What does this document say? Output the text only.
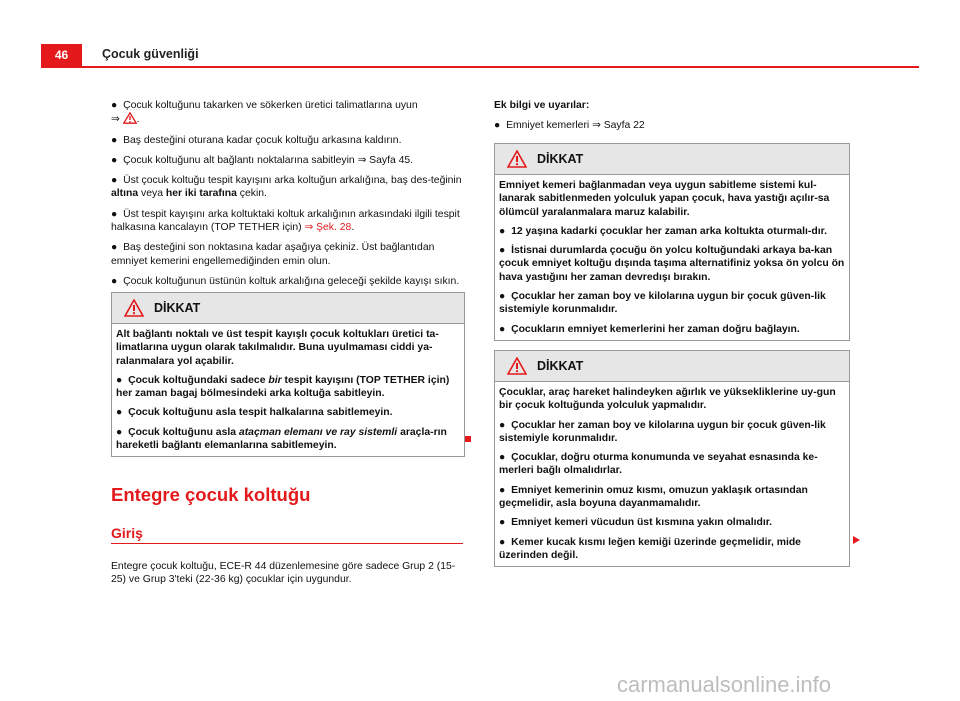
46	Çocuk güvenliği

● Çocuk koltuğunu takarken ve sökerken üretici talimatlarına uyun
⇒ .

● Baş desteğini oturana kadar çocuk koltuğu arkasına kaldırın.

● Çocuk koltuğunu alt bağlantı noktalarına sabitleyin ⇒ Sayfa 45.

● Üst çocuk koltuğu tespit kayışını arka koltuğun arkalığına, baş des-teğinin altına veya her iki tarafına çekin.

● Üst tespit kayışını arka koltuktaki koltuk arkalığının arkasındaki ilgili tespit halkasına kancalayın (TOP TETHER için) ⇒ Şek. 28.

● Baş desteğini son noktasına kadar aşağıya çekiniz. Üst bağlantıdan emniyet kemerini engellemediğinden emin olun.

● Çocuk koltuğunun üstünün koltuk arkalığına geleceği şekilde kayışı sıkın.

DİKKAT

Alt bağlantı noktalı ve üst tespit kayışlı çocuk koltukları üretici ta-limatlarına uygun olarak takılmalıdır. Buna uyulmaması ciddi ya-ralanmalara yol açabilir.

● Çocuk koltuğundaki sadece bir tespit kayışını (TOP TETHER için) her zaman bagaj bölmesindeki arka koltuğa sabitleyin.

● Çocuk koltuğunu asla tespit halkalarına sabitlemeyin.

● Çocuk koltuğunu asla ataçman elemanı ve ray sistemli araçla-rın hareketli bağlantı elemanlarına sabitlemeyin.

Entegre çocuk koltuğu
Giriş
Entegre çocuk koltuğu, ECE-R 44 düzenlemesine göre sadece Grup 2 (15-25) ve Grup 3'teki (22-36 kg) çocuklar için uygundur.

Ek bilgi ve uyarılar:

● Emniyet kemerleri ⇒ Sayfa 22

DİKKAT

Emniyet kemeri bağlanmadan veya uygun sabitleme sistemi kul-lanarak sabitlenmeden yolculuk yapan çocuk, hava yastığı açılır-sa ölümcül yaralanmalara maruz kalabilir.

● 12 yaşına kadarki çocuklar her zaman arka koltukta oturmalı-dır.

● İstisnai durumlarda çocuğu ön yolcu koltuğundaki arkaya ba-kan çocuk emniyet koltuğu dışında taşıma alternatifiniz yoksa ön yolcu ön hava yastığını her zaman devredışı bırakın.

● Çocuklar her zaman boy ve kilolarına uygun bir çocuk güven-lik sistemiyle korunmalıdır.

● Çocukların emniyet kemerlerini her zaman doğru bağlayın.

DİKKAT

Çocuklar, araç hareket halindeyken ağırlık ve yüksekliklerine uy-gun bir çocuk koltuğunda yolculuk yapmalıdır.

● Çocuklar her zaman boy ve kilolarına uygun bir çocuk güven-lik sistemiyle korunmalıdır.

● Çocuklar, doğru oturma konumunda ve seyahat esnasında ke-merleri bağlı olmalıdırlar.

● Emniyet kemerinin omuz kısmı, omuzun yaklaşık ortasından geçmelidir, asla boyuna dayanmamalıdır.

● Emniyet kemeri vücudun üst kısmına yakın olmalıdır.

● Kemer kucak kısmı leğen kemiği üzerinde geçmelidir, mide üzerinden değil.

carmanualsonline.info
